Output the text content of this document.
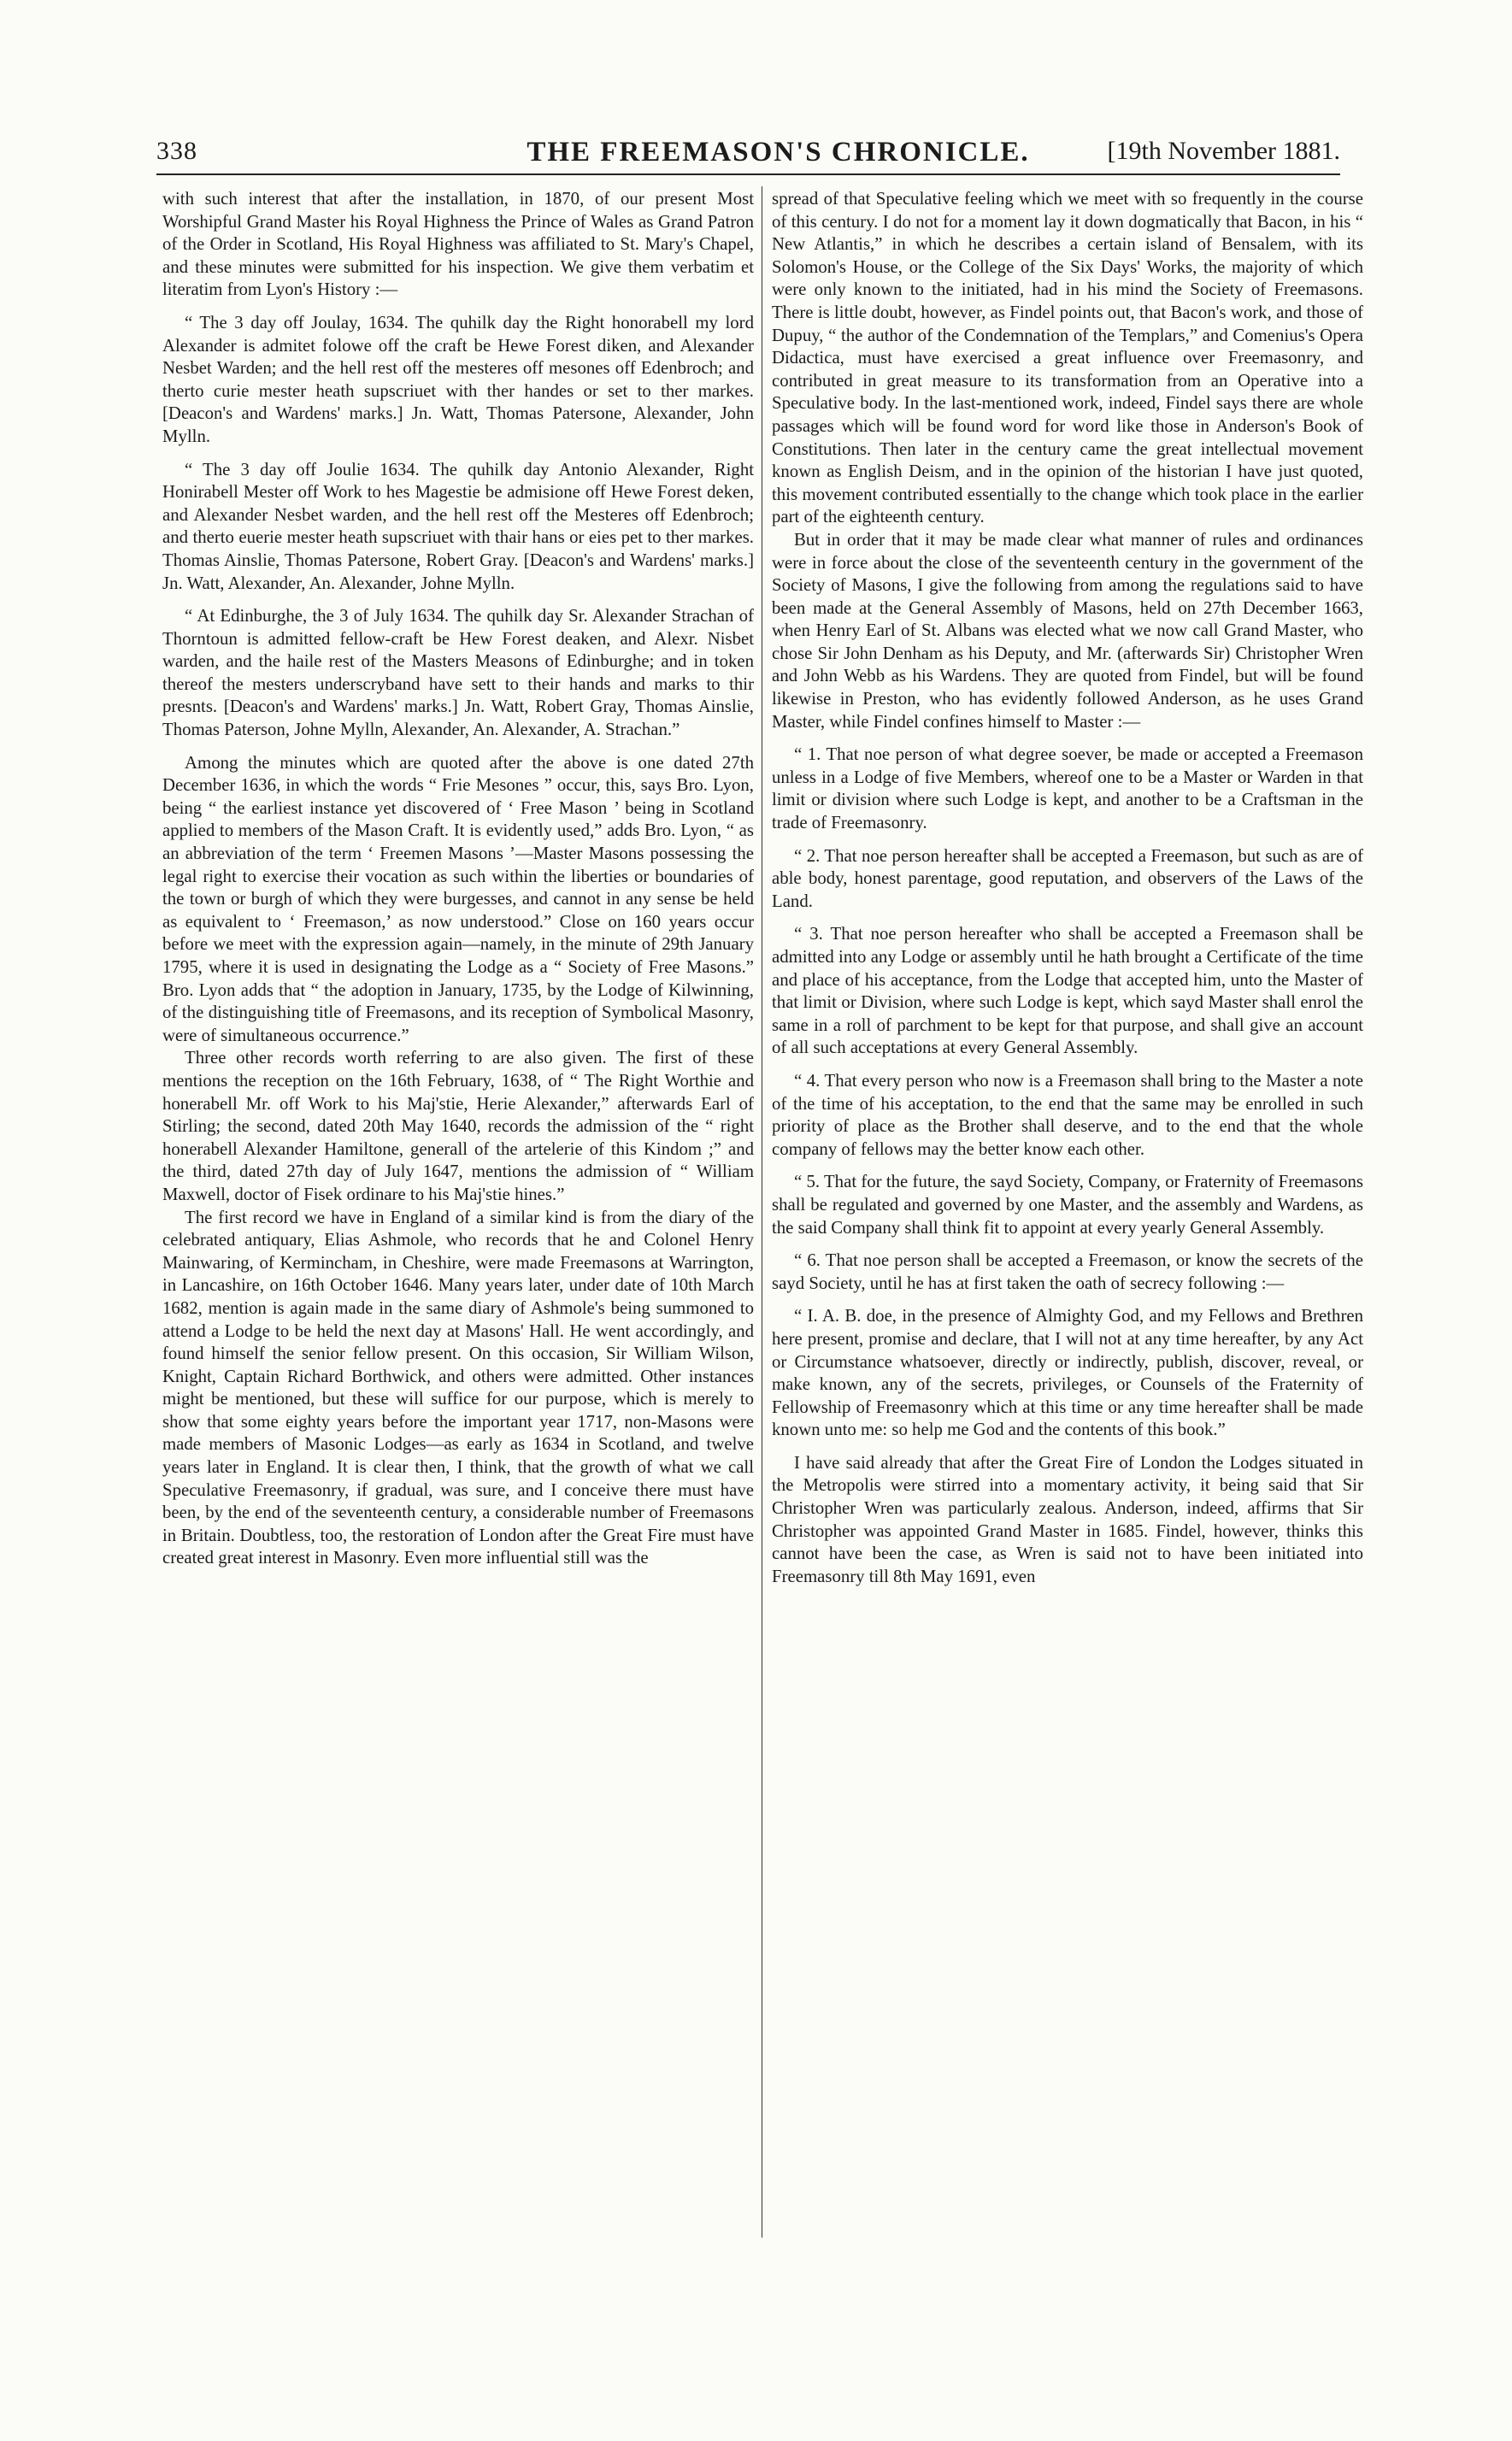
338	THE FREEMASON'S CHRONICLE.	[19th November 1881.

with such interest that after the installation, in 1870, of our present Most Worshipful Grand Master his Royal Highness the Prince of Wales as Grand Patron of the Order in Scotland, His Royal Highness was affiliated to St. Mary's Chapel, and these minutes were submitted for his inspection. We give them verbatim et literatim from Lyon's History :—

“ The 3 day off Joulay, 1634. The quhilk day the Right honorabell my lord Alexander is admitet folowe off the craft be Hewe Forest diken, and Alexander Nesbet Warden; and the hell rest off the mesteres off mesones off Edenbroch; and therto curie mester heath supscriuet with ther handes or set to ther markes. [Deacon's and Wardens' marks.] Jn. Watt, Thomas Patersone, Alexander, John Mylln.

“ The 3 day off Joulie 1634. The quhilk day Antonio Alexander, Right Honirabell Mester off Work to hes Magestie be admisione off Hewe Forest deken, and Alexander Nesbet warden, and the hell rest off the Mesteres off Edenbroch; and therto euerie mester heath supscriuet with thair hans or eies pet to ther markes. Thomas Ainslie, Thomas Patersone, Robert Gray. [Deacon's and Wardens' marks.] Jn. Watt, Alexander, An. Alexander, Johne Mylln.

“ At Edinburghe, the 3 of July 1634. The quhilk day Sr. Alexander Strachan of Thorntoun is admitted fellow-craft be Hew Forest deaken, and Alexr. Nisbet warden, and the haile rest of the Masters Measons of Edinburghe; and in token thereof the mesters underscryband have sett to their hands and marks to thir presnts. [Deacon's and Wardens' marks.] Jn. Watt, Robert Gray, Thomas Ainslie, Thomas Paterson, Johne Mylln, Alexander, An. Alexander, A. Strachan.”

Among the minutes which are quoted after the above is one dated 27th December 1636, in which the words “ Frie Mesones ” occur, this, says Bro. Lyon, being “ the earliest instance yet discovered of ‘ Free Mason ’ being in Scotland applied to members of the Mason Craft. It is evidently used,” adds Bro. Lyon, “ as an abbreviation of the term ‘ Freemen Masons ’—Master Masons possessing the legal right to exercise their vocation as such within the liberties or boundaries of the town or burgh of which they were burgesses, and cannot in any sense be held as equivalent to ‘ Freemason,’ as now understood.” Close on 160 years occur before we meet with the expression again—namely, in the minute of 29th January 1795, where it is used in designating the Lodge as a “ Society of Free Masons.” Bro. Lyon adds that “ the adoption in January, 1735, by the Lodge of Kilwinning, of the distinguishing title of Freemasons, and its reception of Symbolical Masonry, were of simultaneous occurrence.”

Three other records worth referring to are also given. The first of these mentions the reception on the 16th February, 1638, of “ The Right Worthie and honerabell Mr. off Work to his Maj'stie, Herie Alexander,” afterwards Earl of Stirling; the second, dated 20th May 1640, records the admission of the “ right honerabell Alexander Hamiltone, generall of the artelerie of this Kindom ;” and the third, dated 27th day of July 1647, mentions the admission of “ William Maxwell, doctor of Fisek ordinare to his Maj'stie hines.”

The first record we have in England of a similar kind is from the diary of the celebrated antiquary, Elias Ashmole, who records that he and Colonel Henry Mainwaring, of Kermincham, in Cheshire, were made Freemasons at Warrington, in Lancashire, on 16th October 1646. Many years later, under date of 10th March 1682, mention is again made in the same diary of Ashmole's being summoned to attend a Lodge to be held the next day at Masons' Hall. He went accordingly, and found himself the senior fellow present. On this occasion, Sir William Wilson, Knight, Captain Richard Borthwick, and others were admitted. Other instances might be mentioned, but these will suffice for our purpose, which is merely to show that some eighty years before the important year 1717, non-Masons were made members of Masonic Lodges—as early as 1634 in Scotland, and twelve years later in England. It is clear then, I think, that the growth of what we call Speculative Freemasonry, if gradual, was sure, and I conceive there must have been, by the end of the seventeenth century, a considerable number of Freemasons in Britain. Doubtless, too, the restoration of London after the Great Fire must have created great interest in Masonry. Even more influential still was the

spread of that Speculative feeling which we meet with so frequently in the course of this century. I do not for a moment lay it down dogmatically that Bacon, in his “ New Atlantis,” in which he describes a certain island of Bensalem, with its Solomon's House, or the College of the Six Days' Works, the majority of which were only known to the initiated, had in his mind the Society of Freemasons. There is little doubt, however, as Findel points out, that Bacon's work, and those of Dupuy, “ the author of the Condemnation of the Templars,” and Comenius's Opera Didactica, must have exercised a great influence over Freemasonry, and contributed in great measure to its transformation from an Operative into a Speculative body. In the last-mentioned work, indeed, Findel says there are whole passages which will be found word for word like those in Anderson's Book of Constitutions. Then later in the century came the great intellectual movement known as English Deism, and in the opinion of the historian I have just quoted, this movement contributed essentially to the change which took place in the earlier part of the eighteenth century.

But in order that it may be made clear what manner of rules and ordinances were in force about the close of the seventeenth century in the government of the Society of Masons, I give the following from among the regulations said to have been made at the General Assembly of Masons, held on 27th December 1663, when Henry Earl of St. Albans was elected what we now call Grand Master, who chose Sir John Denham as his Deputy, and Mr. (afterwards Sir) Christopher Wren and John Webb as his Wardens. They are quoted from Findel, but will be found likewise in Preston, who has evidently followed Anderson, as he uses Grand Master, while Findel confines himself to Master :—

“ 1. That noe person of what degree soever, be made or accepted a Freemason unless in a Lodge of five Members, whereof one to be a Master or Warden in that limit or division where such Lodge is kept, and another to be a Craftsman in the trade of Freemasonry.

“ 2. That noe person hereafter shall be accepted a Freemason, but such as are of able body, honest parentage, good reputation, and observers of the Laws of the Land.

“ 3. That noe person hereafter who shall be accepted a Freemason shall be admitted into any Lodge or assembly until he hath brought a Certificate of the time and place of his acceptance, from the Lodge that accepted him, unto the Master of that limit or Division, where such Lodge is kept, which sayd Master shall enrol the same in a roll of parchment to be kept for that purpose, and shall give an account of all such acceptations at every General Assembly.

“ 4. That every person who now is a Freemason shall bring to the Master a note of the time of his acceptation, to the end that the same may be enrolled in such priority of place as the Brother shall deserve, and to the end that the whole company of fellows may the better know each other.

“ 5. That for the future, the sayd Society, Company, or Fraternity of Freemasons shall be regulated and governed by one Master, and the assembly and Wardens, as the said Company shall think fit to appoint at every yearly General Assembly.

“ 6. That noe person shall be accepted a Freemason, or know the secrets of the sayd Society, until he has at first taken the oath of secrecy following :—

“ I. A. B. doe, in the presence of Almighty God, and my Fellows and Brethren here present, promise and declare, that I will not at any time hereafter, by any Act or Circumstance whatsoever, directly or indirectly, publish, discover, reveal, or make known, any of the secrets, privileges, or Counsels of the Fraternity of Fellowship of Freemasonry which at this time or any time hereafter shall be made known unto me: so help me God and the contents of this book.”

I have said already that after the Great Fire of London the Lodges situated in the Metropolis were stirred into a momentary activity, it being said that Sir Christopher Wren was particularly zealous. Anderson, indeed, affirms that Sir Christopher was appointed Grand Master in 1685. Findel, however, thinks this cannot have been the case, as Wren is said not to have been initiated into Freemasonry till 8th May 1691, even
